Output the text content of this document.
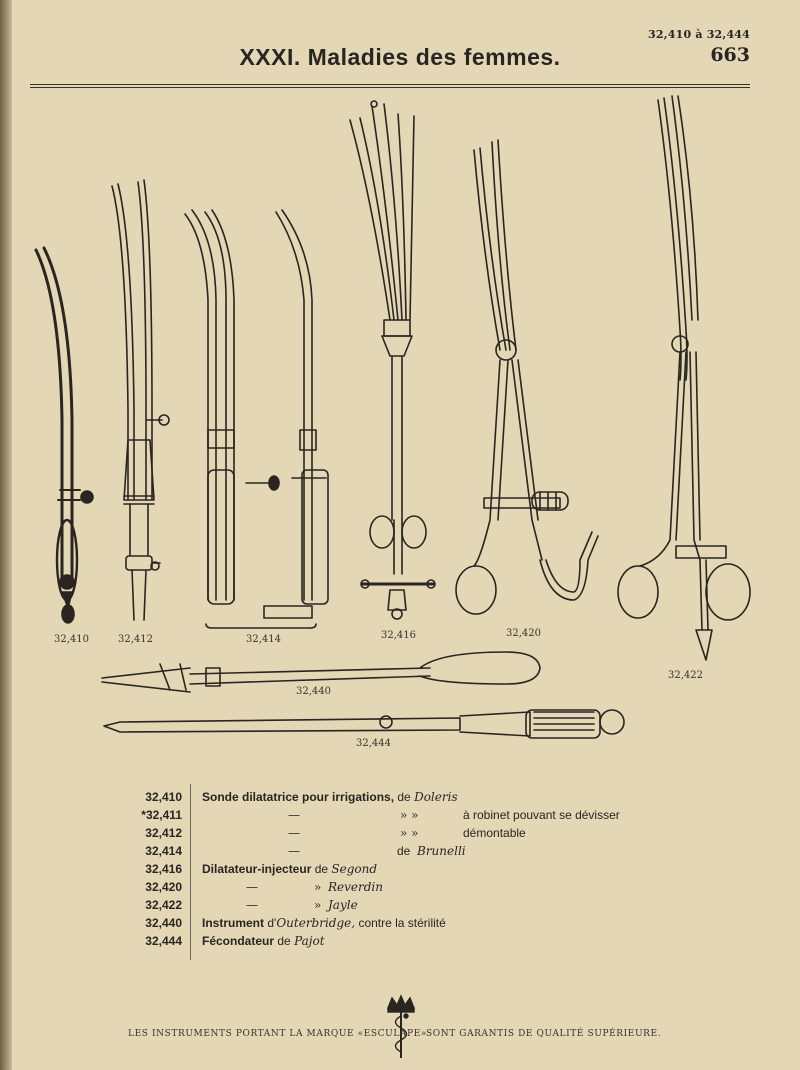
32,410 à 32,444
663
XXXI. Maladies des femmes.
32,410	32,412	32,414	32,416	32,420
32,422
32,440
32,444
32,410 Sonde dilatatrice pour irrigations, de Doleris
*32,411	—	» »	à robinet pouvant se dévisser
32,412	—	» »	démontable
32,414	—	de Brunelli
32,416 Dilatateur-injecteur de Segond
32,420	—	» Reverdin
32,422	—	» Jayle
32,440 Instrument d'Outerbridge, contre la stérilité
32,444 Fécondateur de Pajot
LES INSTRUMENTS PORTANT LA MARQUE «ESCULAPE» SONT GARANTIS DE QUALITÉ SUPÉRIEURE.
